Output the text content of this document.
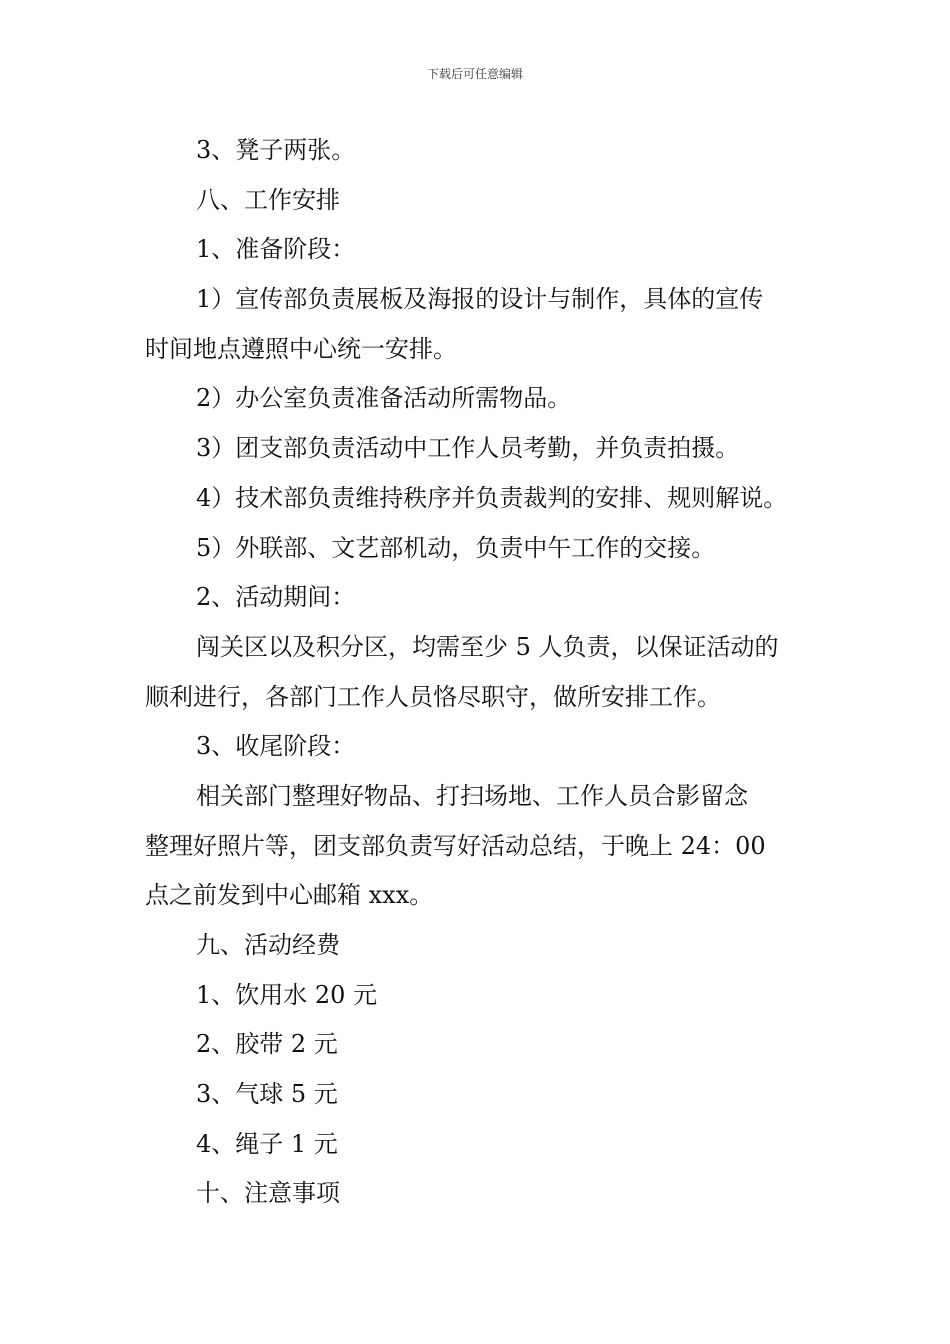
下载后可任意编辑
3、凳子两张。
八、工作安排
1、准备阶段：
1）宣传部负责展板及海报的设计与制作，具体的宣传
时间地点遵照中心统一安排。
2）办公室负责准备活动所需物品。
3）团支部负责活动中工作人员考勤，并负责拍摄。
4）技术部负责维持秩序并负责裁判的安排、规则解说。
5）外联部、文艺部机动，负责中午工作的交接。
2、活动期间：
闯关区以及积分区，均需至少 5 人负责，以保证活动的
顺利进行，各部门工作人员恪尽职守，做所安排工作。
3、收尾阶段：
相关部门整理好物品、打扫场地、工作人员合影留念
整理好照片等，团支部负责写好活动总结，于晚上 24：00
点之前发到中心邮箱 xxx。
九、活动经费
1、饮用水 20 元
2、胶带 2 元
3、气球 5 元
4、绳子 1 元
十、注意事项
